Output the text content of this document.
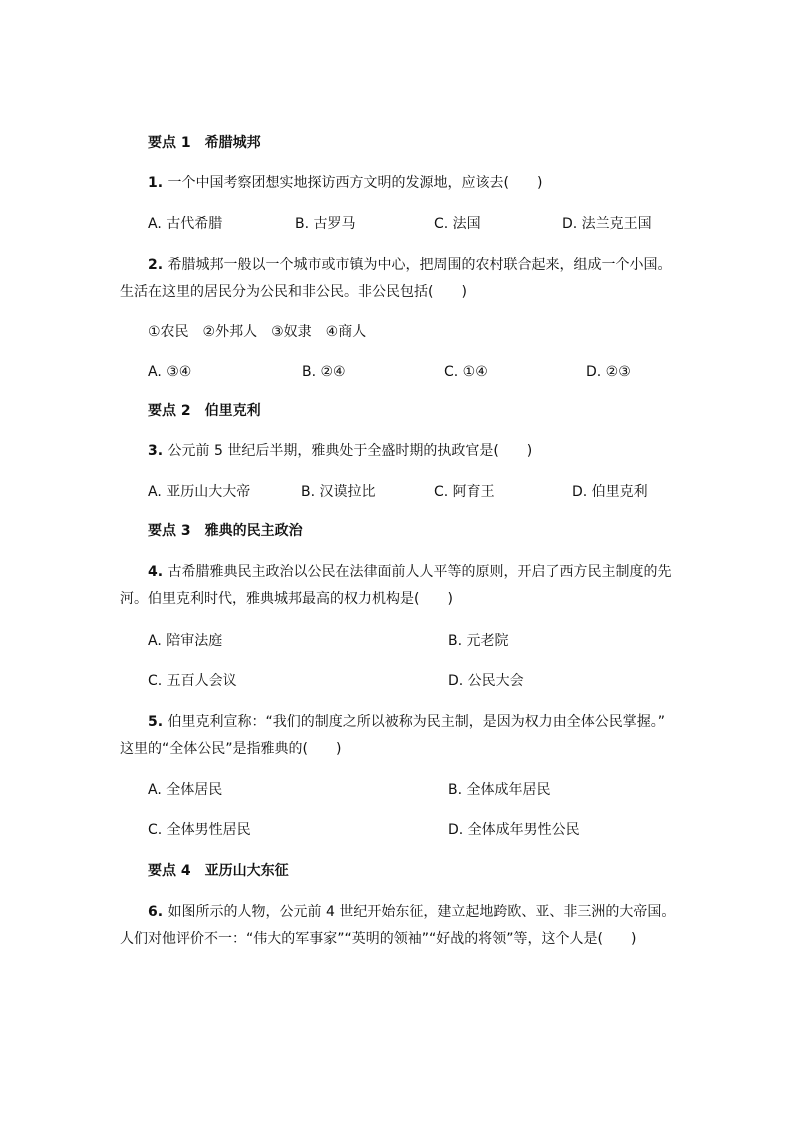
要点 1 希腊城邦
1. 一个中国考察团想实地探访西方文明的发源地，应该去(　　)
A. 古代希腊	B. 古罗马	C. 法国	D. 法兰克王国
2. 希腊城邦一般以一个城市或市镇为中心，把周围的农村联合起来，组成一个小国。
生活在这里的居民分为公民和非公民。非公民包括(　　)
①农民　②外邦人　③奴隶　④商人
A. ③④	B. ②④	C. ①④	D. ②③
要点 2 伯里克利
3. 公元前 5 世纪后半期，雅典处于全盛时期的执政官是(　　)
A. 亚历山大大帝	B. 汉谟拉比	C. 阿育王	D. 伯里克利
要点 3 雅典的民主政治
4. 古希腊雅典民主政治以公民在法律面前人人平等的原则，开启了西方民主制度的先
河。伯里克利时代，雅典城邦最高的权力机构是(　　)
A. 陪审法庭	B. 元老院
C. 五百人会议	D. 公民大会
5. 伯里克利宣称：“我们的制度之所以被称为民主制，是因为权力由全体公民掌握。”
这里的“全体公民”是指雅典的(　　)
A. 全体居民	B. 全体成年居民
C. 全体男性居民	D. 全体成年男性公民
要点 4 亚历山大东征
6. 如图所示的人物，公元前 4 世纪开始东征，建立起地跨欧、亚、非三洲的大帝国。
人们对他评价不一：“伟大的军事家”“英明的领袖”“好战的将领”等，这个人是(　　)
